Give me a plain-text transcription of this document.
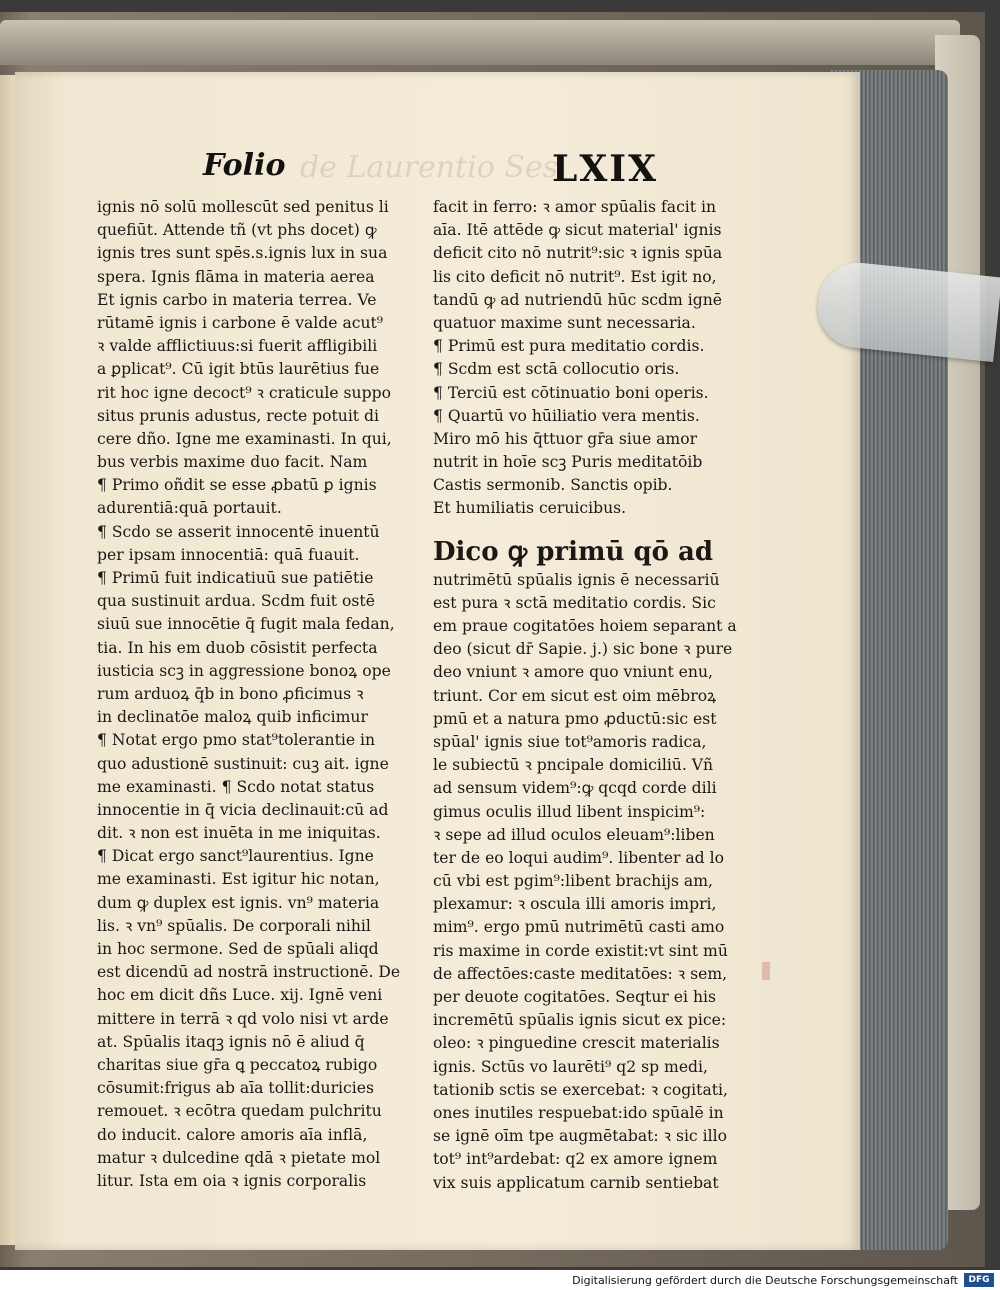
de Laurentio Ses
Folio	LXIX
ignis nō solū mollescūt sed penitus li
quefiūt. Attende tñ (vt phs docet) ꝙ
ignis tres sunt spēs.s.ignis lux in sua
spera. Ignis flāma in materia aerea
Et ignis carbo in materia terrea. Ve
rūtamē ignis i carbone ē valde acut⁹
ꝛ valde afflictiuus:si fuerit affligibili
a ꝑplicat⁹. Cū igit btūs laurētius fue
rit hoc igne decoct⁹ ꝛ craticule suppo
situs prunis adustus, recte potuit di
cere dño. Igne me examinasti. In qui,
bus verbis maxime duo facit. Nam
¶ Primo oñdit se esse ꝓbatū ꝑ ignis
adurentiā:quā portauit.
¶ Scdo se asserit innocentē inuentū
per ipsam innocentiā: quā fuauit.
¶ Primū fuit indicatiuū sue patiētie
qua sustinuit ardua. Scdm fuit ostē
siuū sue innocētie q̄ fugit mala fedan,
tia. In his em duob cōsistit perfecta
iusticia scꝫ in aggressione bonoꝝ ope
rum arduoꝝ q̄b in bono ꝓficimus ꝛ
in declinatōe maloꝝ quib inficimur
¶ Notat ergo pmo stat⁹tolerantie in
quo adustionē sustinuit: cuꝫ ait. igne
me examinasti. ¶ Scdo notat status
innocentie in q̄ vicia declinauit:cū ad
dit. ꝛ non est inuēta in me iniquitas.
¶ Dicat ergo sanct⁹laurentius. Igne
me examinasti. Est igitur hic notan,
dum ꝙ duplex est ignis. vn⁹ materia
lis. ꝛ vn⁹ spūalis. De corporali nihil
in hoc sermone. Sed de spūali aliqd
est dicendū ad nostrā instructionē. De
hoc em dicit dñs Luce. xij. Ignē veni
mittere in terrā ꝛ qd volo nisi vt arde
at. Spūalis itaqꝫ ignis nō ē aliud q̄
charitas siue gr̄a ꝗ peccatoꝝ rubigo
cōsumit:frigus ab aīa tollit:duricies
remouet. ꝛ ecōtra quedam pulchritu
do inducit. calore amoris aīa inflā,
matur ꝛ dulcedine qdā ꝛ pietate mol
litur. Ista em oia ꝛ ignis corporalis
facit in ferro: ꝛ amor spūalis facit in
aīa. Itē attēde ꝙ sicut material' ignis
deficit cito nō nutrit⁹:sic ꝛ ignis spūa
lis cito deficit nō nutrit⁹. Est igit no,
tandū ꝙ ad nutriendū hūc scdm ignē
quatuor maxime sunt necessaria.
¶ Primū est pura meditatio cordis.
¶ Scdm est sctā collocutio oris.
¶ Terciū est cōtinuatio boni operis.
¶ Quartū vo hūiliatio vera mentis.
Miro mō his q̄ttuor gr̄a siue amor
nutrit in hoīe scꝫ Puris meditatōib
Castis sermonib. Sanctis opib.
Et humiliatis ceruicibus.
Dico ꝙ primū qō ad
nutrimētū spūalis ignis ē necessariū
est pura ꝛ sctā meditatio cordis. Sic
em praue cogitatōes hoiem separant a
deo (sicut dr̄ Sapie. j.) sic bone ꝛ pure
deo vniunt ꝛ amore quo vniunt enu,
triunt. Cor em sicut est oim mēbroꝝ
pmū et a natura pmo ꝓductū:sic est
spūal' ignis siue tot⁹amoris radica,
le subiectū ꝛ pncipale domiciliū. Vñ
ad sensum videm⁹:ꝙ qcqd corde dili
gimus oculis illud libent inspicim⁹:
ꝛ sepe ad illud oculos eleuam⁹:liben
ter de eo loqui audim⁹. libenter ad lo
cū vbi est pgim⁹:libent brachijs am,
plexamur: ꝛ oscula illi amoris impri,
mim⁹. ergo pmū nutrimētū casti amo
ris maxime in corde existit:vt sint mū
de affectōes:caste meditatōes: ꝛ sem,
per deuote cogitatōes. Seqtur ei his
incremētū spūalis ignis sicut ex pice:
oleo: ꝛ pinguedine crescit materialis
ignis. Sctūs vo laurēti⁹ q2 sp medi,
tationib sctis se exercebat: ꝛ cogitati,
ones inutiles respuebat:ido spūalē in
se ignē oīm tpe augmētabat: ꝛ sic illo
tot⁹ int⁹ardebat: q2 ex amore ignem
vix suis applicatum carnib sentiebat
Digitalisierung gefördert durch die Deutsche Forschungsgemeinschaft	DFG
